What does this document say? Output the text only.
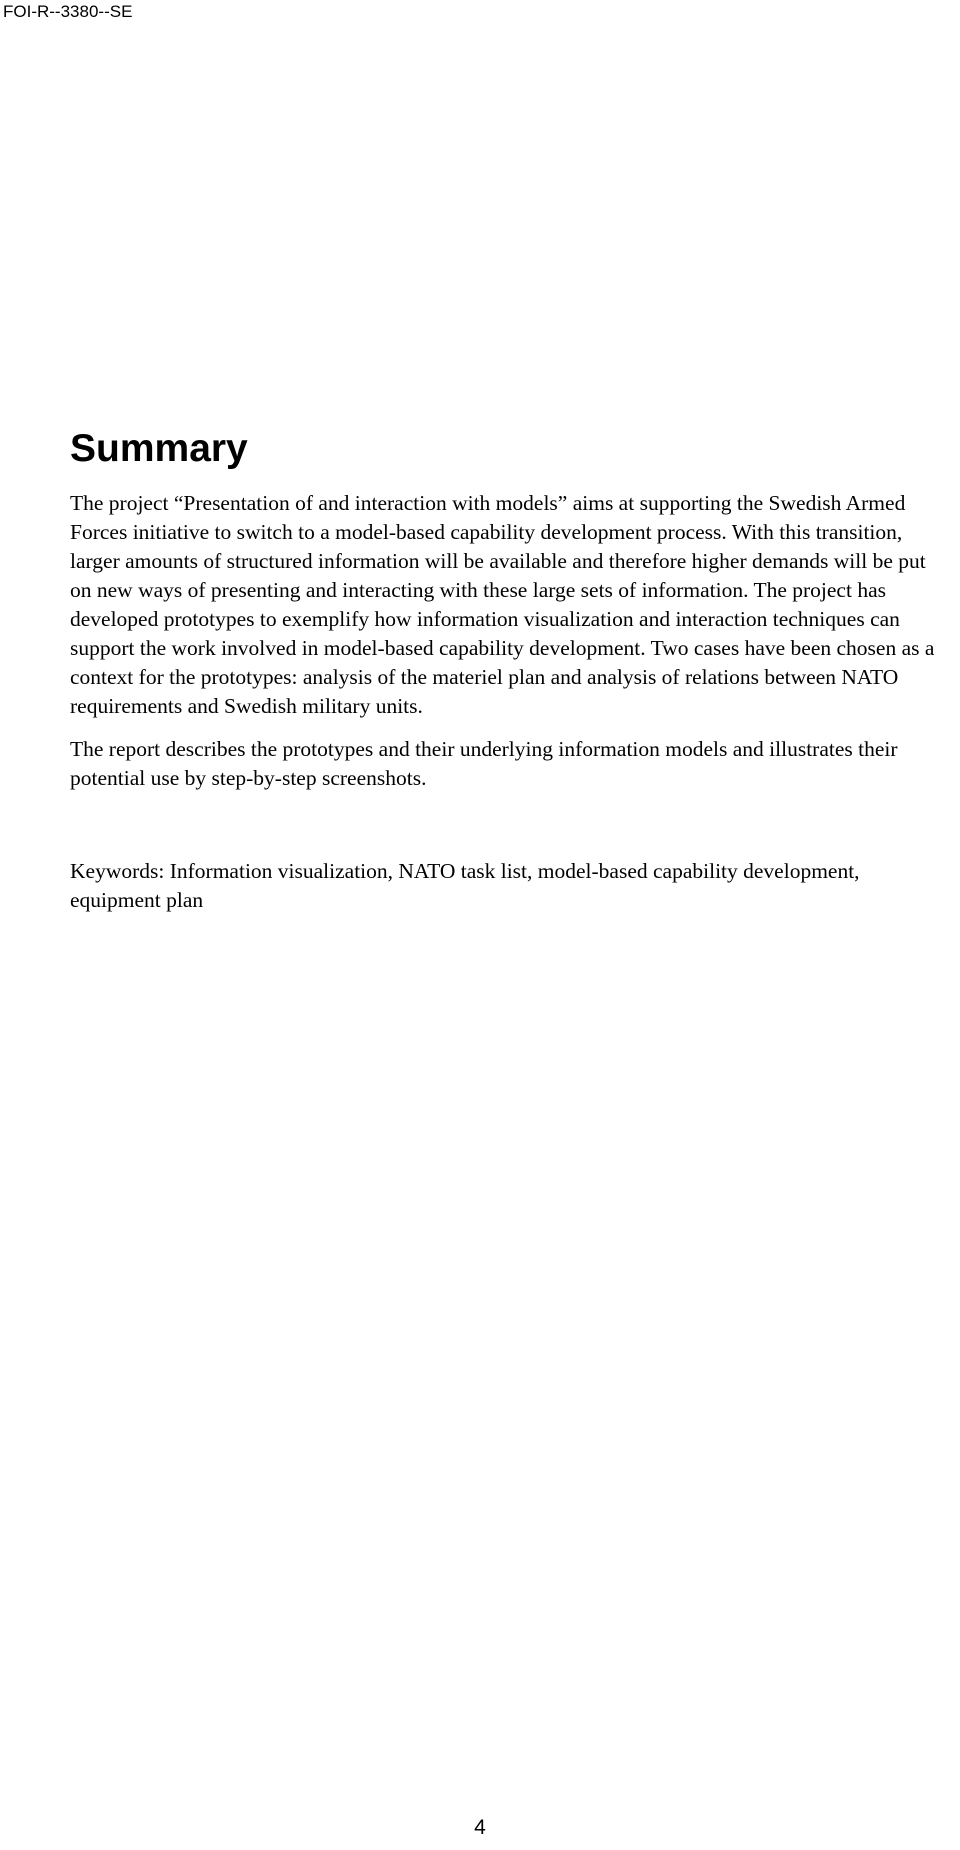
FOI-R--3380--SE
Summary

The project “Presentation of and interaction with models” aims at supporting the Swedish Armed Forces initiative to switch to a model-based capability development process. With this transition, larger amounts of structured information will be available and therefore higher demands will be put on new ways of presenting and interacting with these large sets of information. The project has developed prototypes to exemplify how information visualization and interaction techniques can support the work involved in model-based capability development. Two cases have been chosen as a context for the prototypes: analysis of the materiel plan and analysis of relations between NATO requirements and Swedish military units.

The report describes the prototypes and their underlying information models and illustrates their potential use by step-by-step screenshots.

Keywords: Information visualization, NATO task list, model-based capability development, equipment plan

4
